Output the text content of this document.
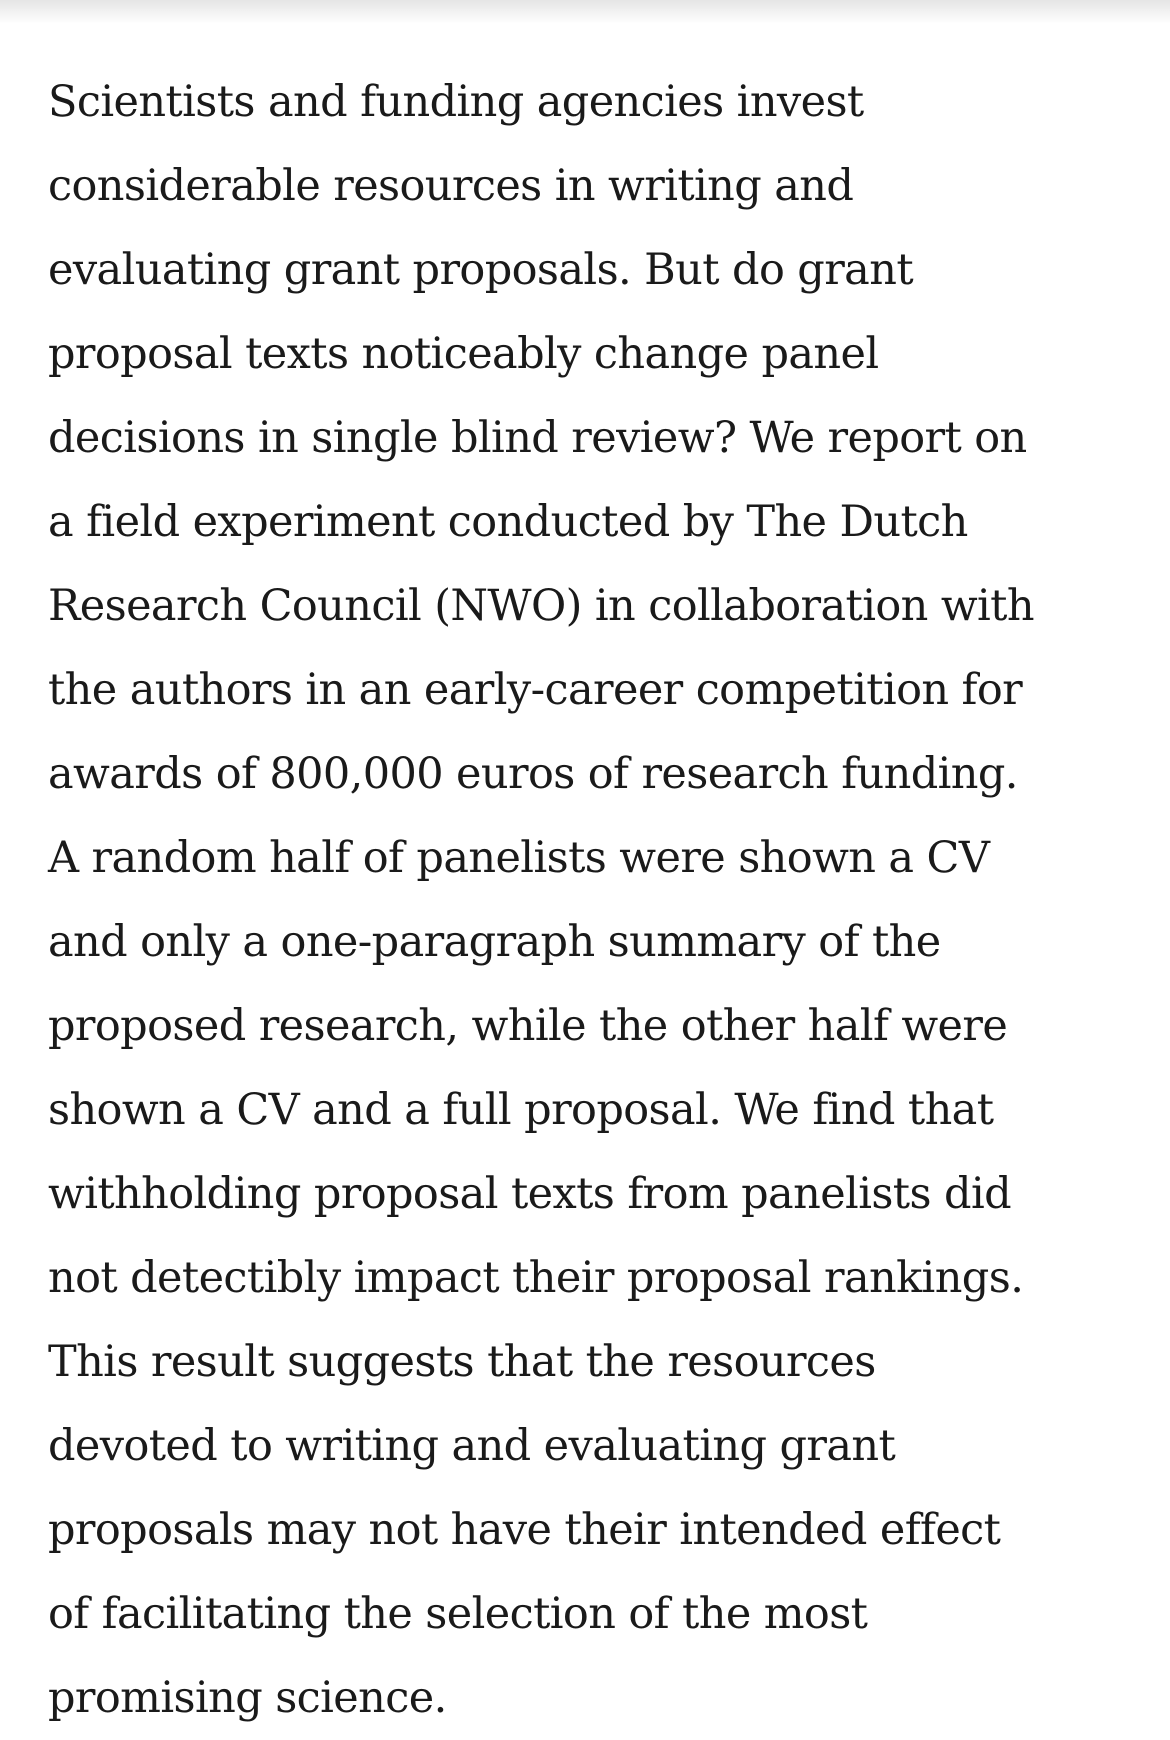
Scientists and funding agencies invest
considerable resources in writing and
evaluating grant proposals. But do grant
proposal texts noticeably change panel
decisions in single blind review? We report on
a field experiment conducted by The Dutch
Research Council (NWO) in collaboration with
the authors in an early-career competition for
awards of 800,000 euros of research funding.
A random half of panelists were shown a CV
and only a one-paragraph summary of the
proposed research, while the other half were
shown a CV and a full proposal. We find that
withholding proposal texts from panelists did
not detectibly impact their proposal rankings.
This result suggests that the resources
devoted to writing and evaluating grant
proposals may not have their intended effect
of facilitating the selection of the most
promising science.
